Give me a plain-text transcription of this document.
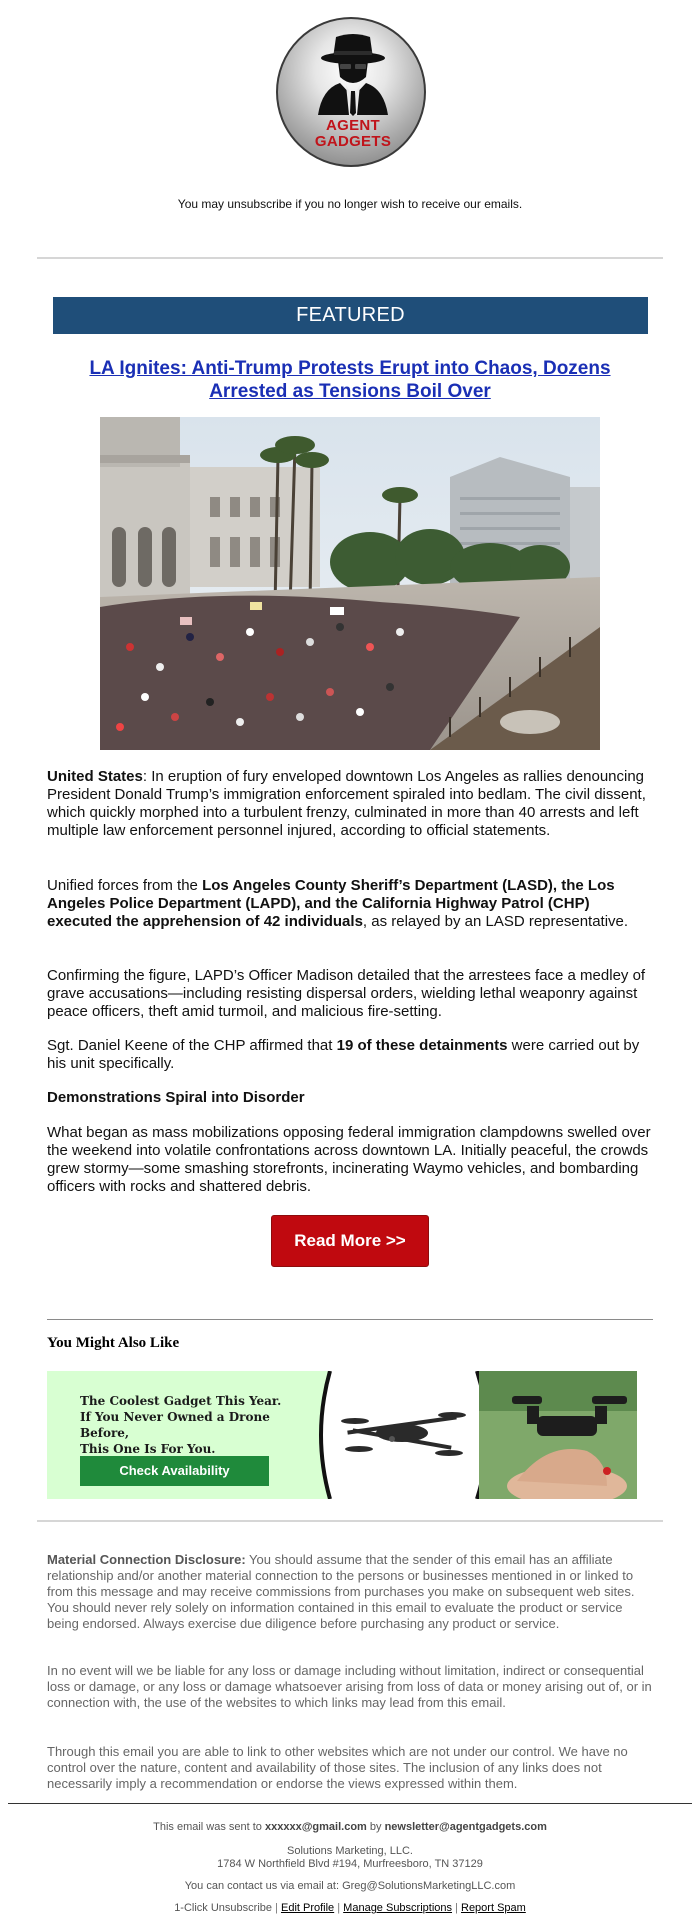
AGENT
GADGETS
You may unsubscribe if you no longer wish to receive our emails.
FEATURED
LA Ignites: Anti-Trump Protests Erupt into Chaos, Dozens Arrested as Tensions Boil Over
United States: In eruption of fury enveloped downtown Los Angeles as rallies denouncing President Donald Trump’s immigration enforcement spiraled into bedlam. The civil dissent, which quickly morphed into a turbulent frenzy, culminated in more than 40 arrests and left multiple law enforcement personnel injured, according to official statements.
Unified forces from the Los Angeles County Sheriff’s Department (LASD), the Los Angeles Police Department (LAPD), and the California Highway Patrol (CHP) executed the apprehension of 42 individuals, as relayed by an LASD representative.
Confirming the figure, LAPD’s Officer Madison detailed that the arrestees face a medley of grave accusations—including resisting dispersal orders, wielding lethal weaponry against peace officers, theft amid turmoil, and malicious fire-setting.
Sgt. Daniel Keene of the CHP affirmed that 19 of these detainments were carried out by his unit specifically.
Demonstrations Spiral into Disorder
What began as mass mobilizations opposing federal immigration clampdowns swelled over the weekend into volatile confrontations across downtown LA. Initially peaceful, the crowds grew stormy—some smashing storefronts, incinerating Waymo vehicles, and bombarding officers with rocks and shattered debris.
Read More >>
You Might Also Like
The Coolest Gadget This Year.
If You Never Owned a Drone Before,
This One Is For You.
Check Availability
Material Connection Disclosure: You should assume that the sender of this email has an affiliate relationship and/or another material connection to the persons or businesses mentioned in or linked to from this message and may receive commissions from purchases you make on subsequent web sites. You should never rely solely on information contained in this email to evaluate the product or service being endorsed. Always exercise due diligence before purchasing any product or service.
In no event will we be liable for any loss or damage including without limitation, indirect or consequential loss or damage, or any loss or damage whatsoever arising from loss of data or money arising out of, or in connection with, the use of the websites to which links may lead from this email.
Through this email you are able to link to other websites which are not under our control. We have no control over the nature, content and availability of those sites. The inclusion of any links does not necessarily imply a recommendation or endorse the views expressed within them.
This email was sent to xxxxxx@gmail.com by newsletter@agentgadgets.com
Solutions Marketing, LLC.
1784 W Northfield Blvd #194, Murfreesboro, TN 37129
You can contact us via email at: Greg@SolutionsMarketingLLC.com
1-Click Unsubscribe | Edit Profile | Manage Subscriptions | Report Spam
